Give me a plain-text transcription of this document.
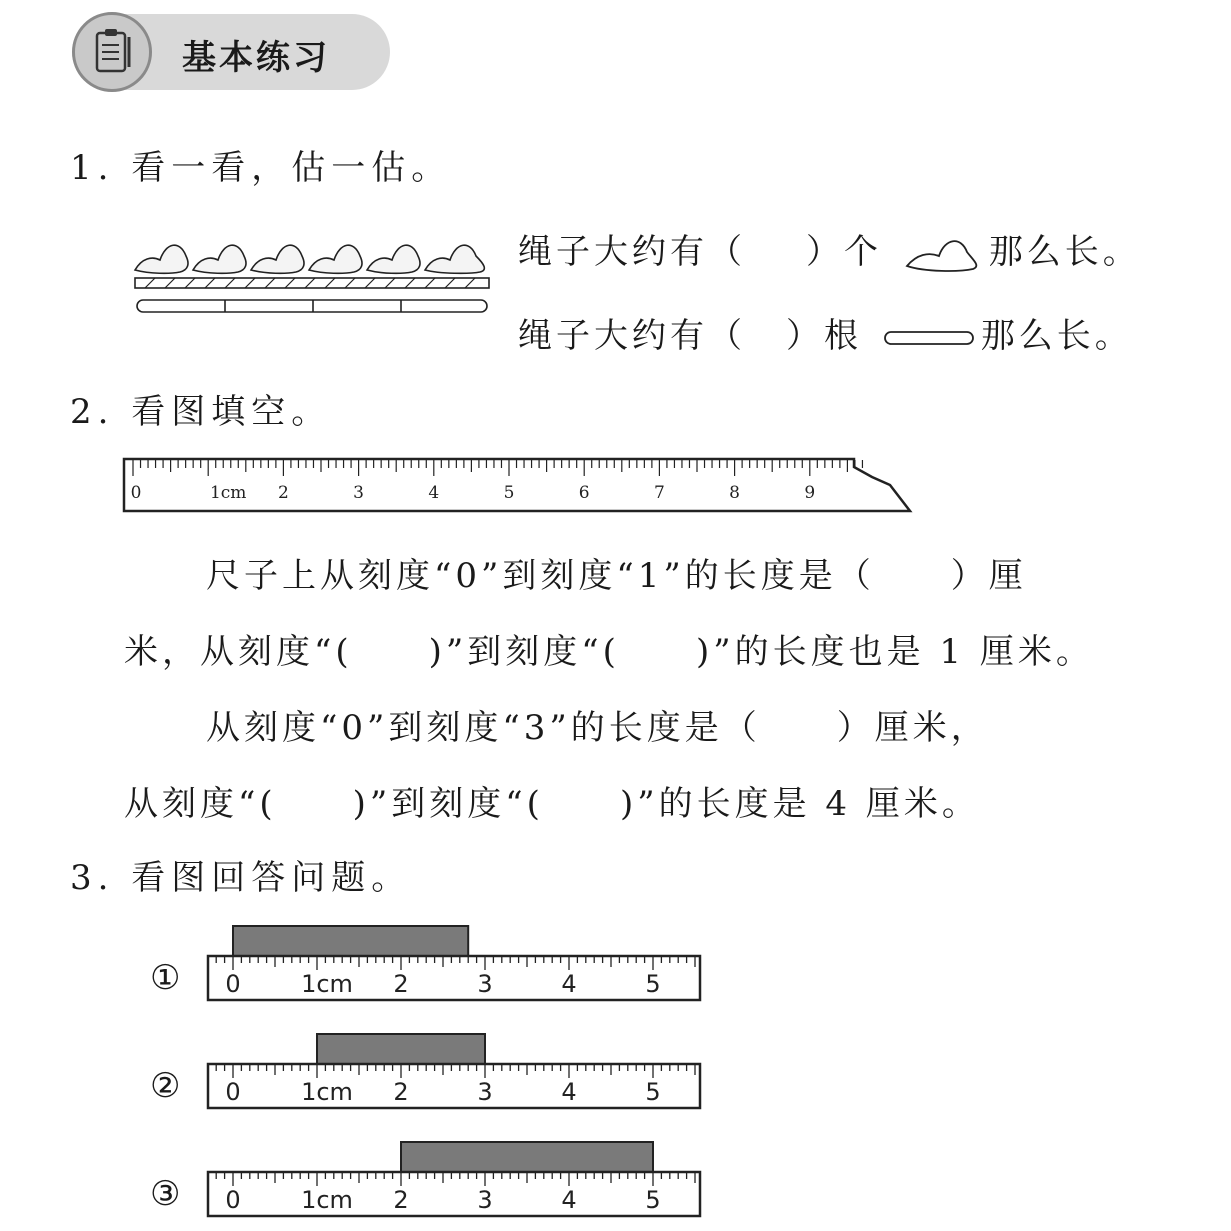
基本练习
1. 看一看，估一估。
绳子大约有（ ）个	那么长。
绳子大约有（ ）根	那么长。
2. 看图填空。
0	1cm 2	3	4	5	6	7	8	9
尺子上从刻度“0”到刻度“1”的长度是（　　）厘
米，从刻度“(　　)”到刻度“(　　)”的长度也是 1 厘米。
从刻度“0”到刻度“3”的长度是（　　）厘米，
从刻度“(　　)”到刻度“(　　)”的长度是 4 厘米。
3. 看图回答问题。
①
②
③
0	1cm 2	3	4	5
0	1cm 2	3	4	5
0	1cm 2	3	4	5
